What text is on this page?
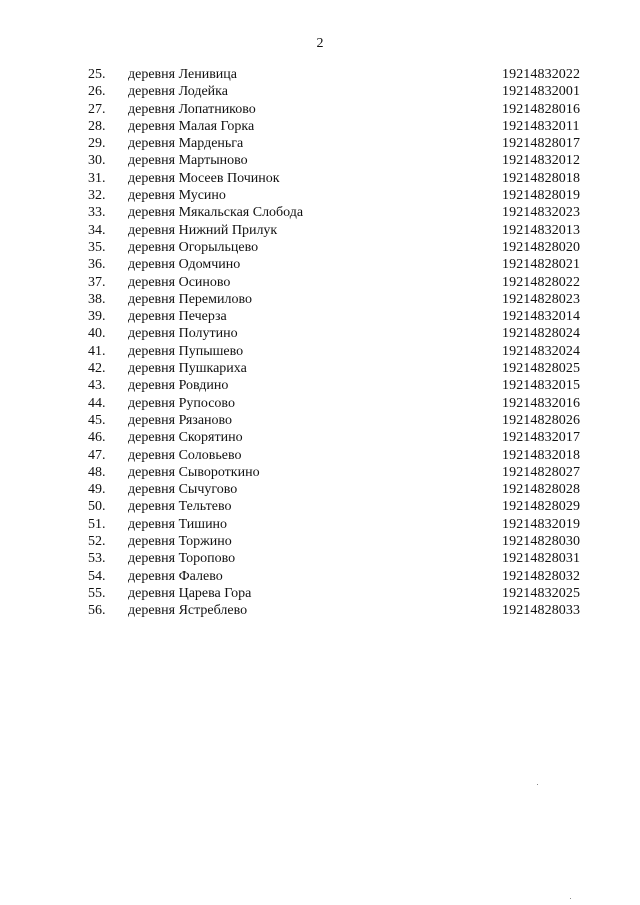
2
25. деревня Ленивица	19214832022
26. деревня Лодейка	19214832001
27. деревня Лопатниково	19214828016
28. деревня Малая Горка	19214832011
29. деревня Марденьга	19214828017
30. деревня Мартыново	19214832012
31. деревня Мосеев Починок	19214828018
32. деревня Мусино	19214828019
33. деревня Мякальская Слобода	19214832023
34. деревня Нижний Прилук	19214832013
35. деревня Огорыльцево	19214828020
36. деревня Одомчино	19214828021
37. деревня Осиново	19214828022
38. деревня Перемилово	19214828023
39. деревня Печерза	19214832014
40. деревня Полутино	19214828024
41. деревня Пупышево	19214832024
42. деревня Пушкариха	19214828025
43. деревня Ровдино	19214832015
44. деревня Рупосово	19214832016
45. деревня Рязаново	19214828026
46. деревня Скорятино	19214832017
47. деревня Соловьево	19214832018
48. деревня Сывороткино	19214828027
49. деревня Сычугово	19214828028
50. деревня Тельтево	19214828029
51. деревня Тишино	19214832019
52. деревня Торжино	19214828030
53. деревня Торопово	19214828031
54. деревня Фалево	19214828032
55. деревня Царева Гора	19214832025
56. деревня Ястреблево	19214828033
